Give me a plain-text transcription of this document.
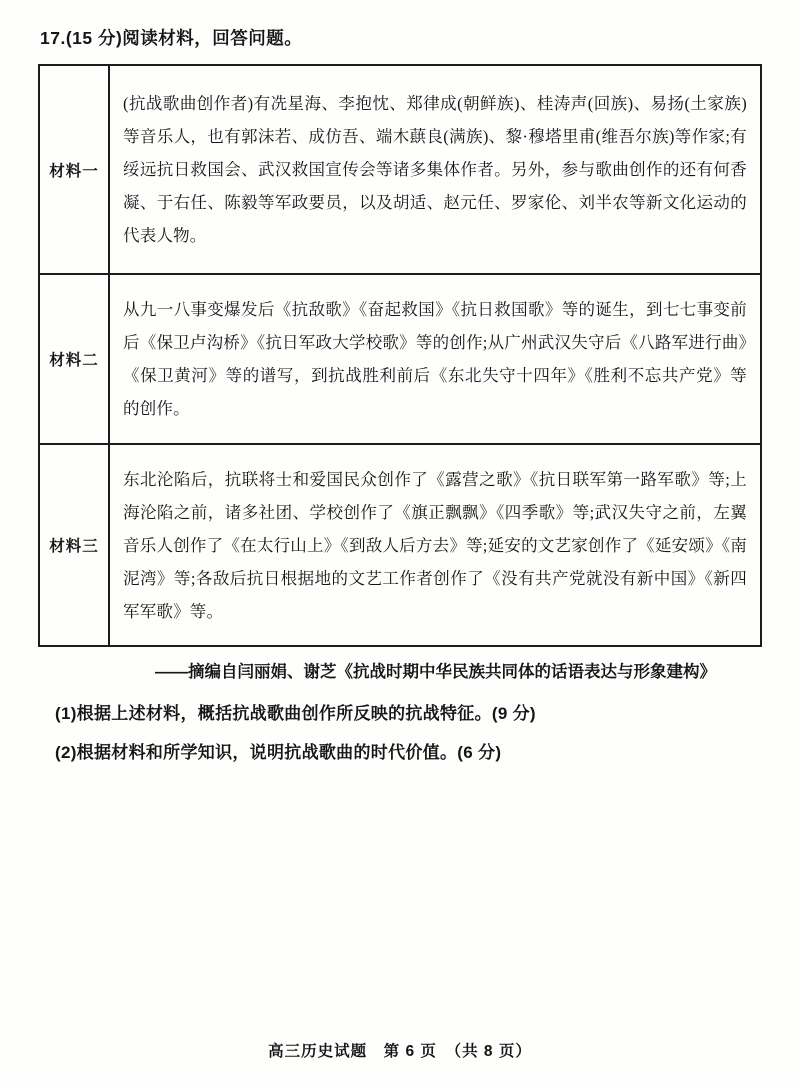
17.(15 分)阅读材料，回答问题。
材料一	(抗战歌曲创作者)有冼星海、李抱忱、郑律成(朝鲜族)、桂涛声(回族)、易扬(土家族)等音乐人，也有郭沫若、成仿吾、端木蕻良(满族)、黎·穆塔里甫(维吾尔族)等作家;有绥远抗日救国会、武汉救国宣传会等诸多集体作者。另外，参与歌曲创作的还有何香凝、于右任、陈毅等军政要员，以及胡适、赵元任、罗家伦、刘半农等新文化运动的代表人物。
材料二	从九一八事变爆发后《抗敌歌》《奋起救国》《抗日救国歌》等的诞生，到七七事变前后《保卫卢沟桥》《抗日军政大学校歌》等的创作;从广州武汉失守后《八路军进行曲》《保卫黄河》等的谱写，到抗战胜利前后《东北失守十四年》《胜利不忘共产党》等的创作。
材料三	东北沦陷后，抗联将士和爱国民众创作了《露营之歌》《抗日联军第一路军歌》等;上海沦陷之前，诸多社团、学校创作了《旗正飘飘》《四季歌》等;武汉失守之前，左翼音乐人创作了《在太行山上》《到敌人后方去》等;延安的文艺家创作了《延安颂》《南泥湾》等;各敌后抗日根据地的文艺工作者创作了《没有共产党就没有新中国》《新四军军歌》等。
——摘编自闫丽娟、谢芝《抗战时期中华民族共同体的话语表达与形象建构》
(1)根据上述材料，概括抗战歌曲创作所反映的抗战特征。(9 分)
(2)根据材料和所学知识，说明抗战歌曲的时代价值。(6 分)
高三历史试题　第 6 页　（共 8 页）
